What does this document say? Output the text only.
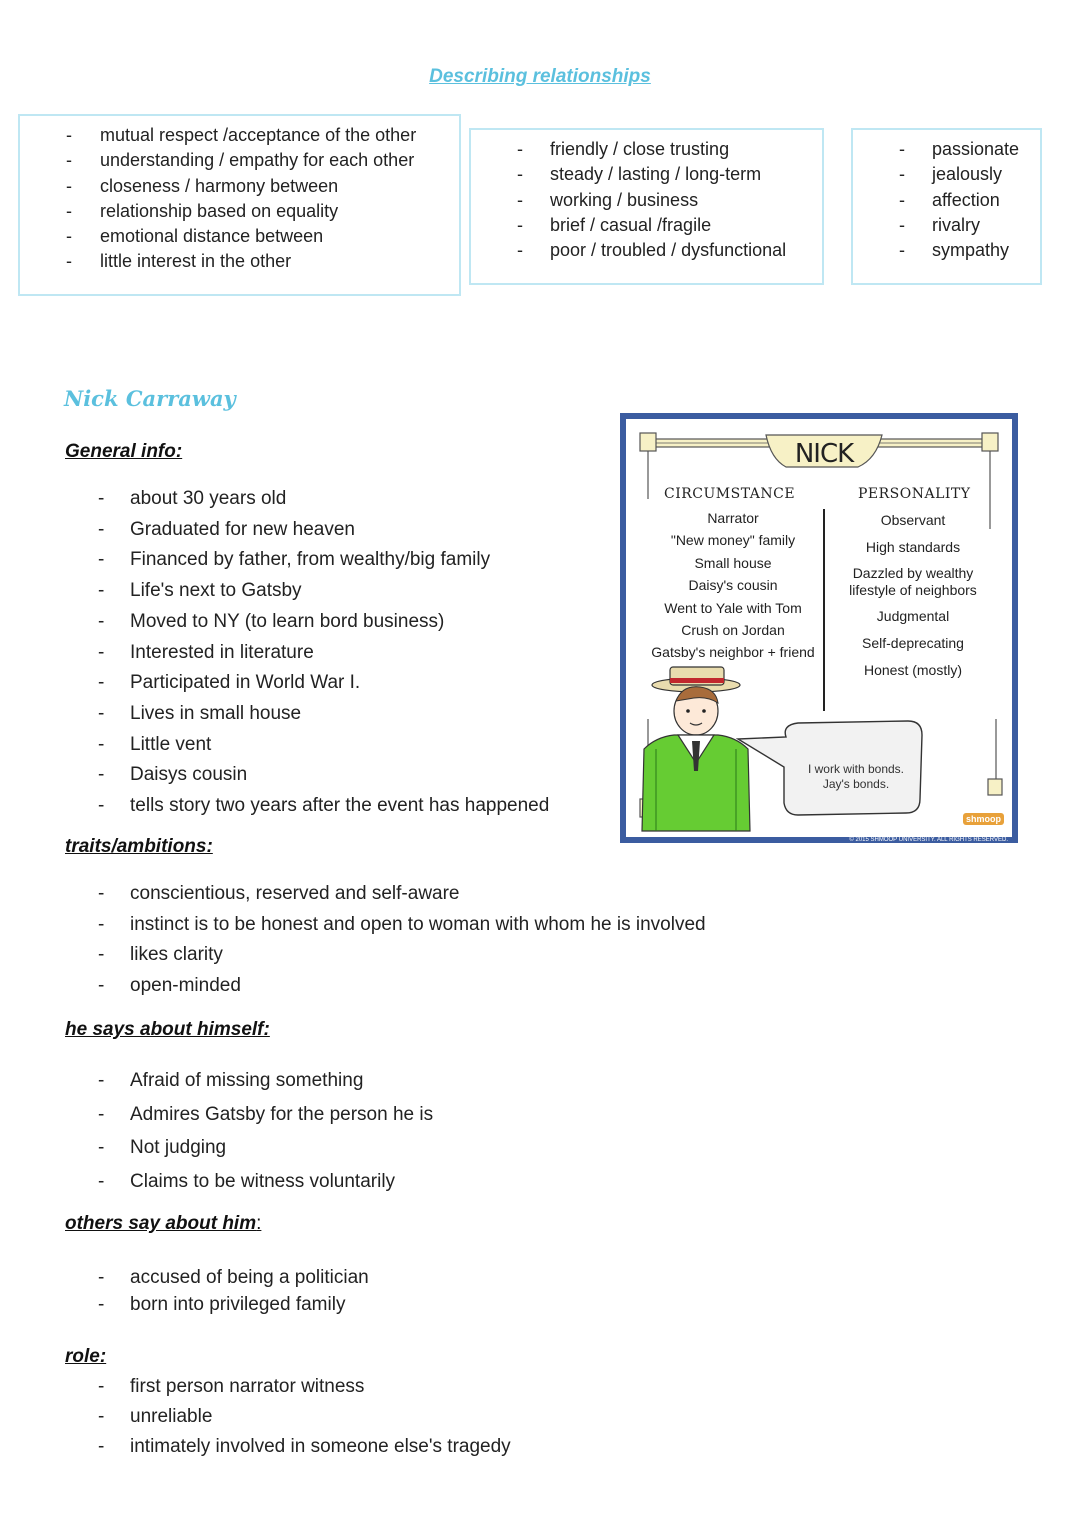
Describing relationships
- mutual respect /acceptance of the other
- understanding / empathy for each other
- closeness / harmony between
- relationship based on equality
- emotional distance between
- little interest in the other
- friendly / close trusting
- steady / lasting / long-term
- working / business
- brief / casual /fragile
- poor / troubled / dysfunctional
- passionate
- jealously
- affection
- rivalry
- sympathy
Nick Carraway
General info:
- about 30 years old
- Graduated for new heaven
- Financed by father, from wealthy/big family
- Life's next to Gatsby
- Moved to NY (to learn bord business)
- Interested in literature
- Participated in World War I.
- Lives in small house
- Little vent
- Daisys cousin
- tells story two years after the event has happened
traits/ambitions:
- conscientious, reserved and self-aware
- instinct is to be honest and open to woman with whom he is involved
- likes clarity
- open-minded
he says about himself:
- Afraid of missing something
- Admires Gatsby for the person he is
- Not judging
- Claims to be witness voluntarily
others say about him:
- accused of being a politician
- born into privileged family
role:
- first person narrator witness
- unreliable
- intimately involved in someone else's tragedy
NICK
CIRCUMSTANCE
Narrator
"New money" family
Small house
Daisy's cousin
Went to Yale with Tom
Crush on Jordan
Gatsby's neighbor + friend
PERSONALITY
Observant
High standards
Dazzled by wealthy lifestyle of neighbors
Judgmental
Self-deprecating
Honest (mostly)
I work with bonds.
Jay's bonds.
shmoop
© 2015 SHMOOP UNIVERSITY. ALL RIGHTS RESERVED.
